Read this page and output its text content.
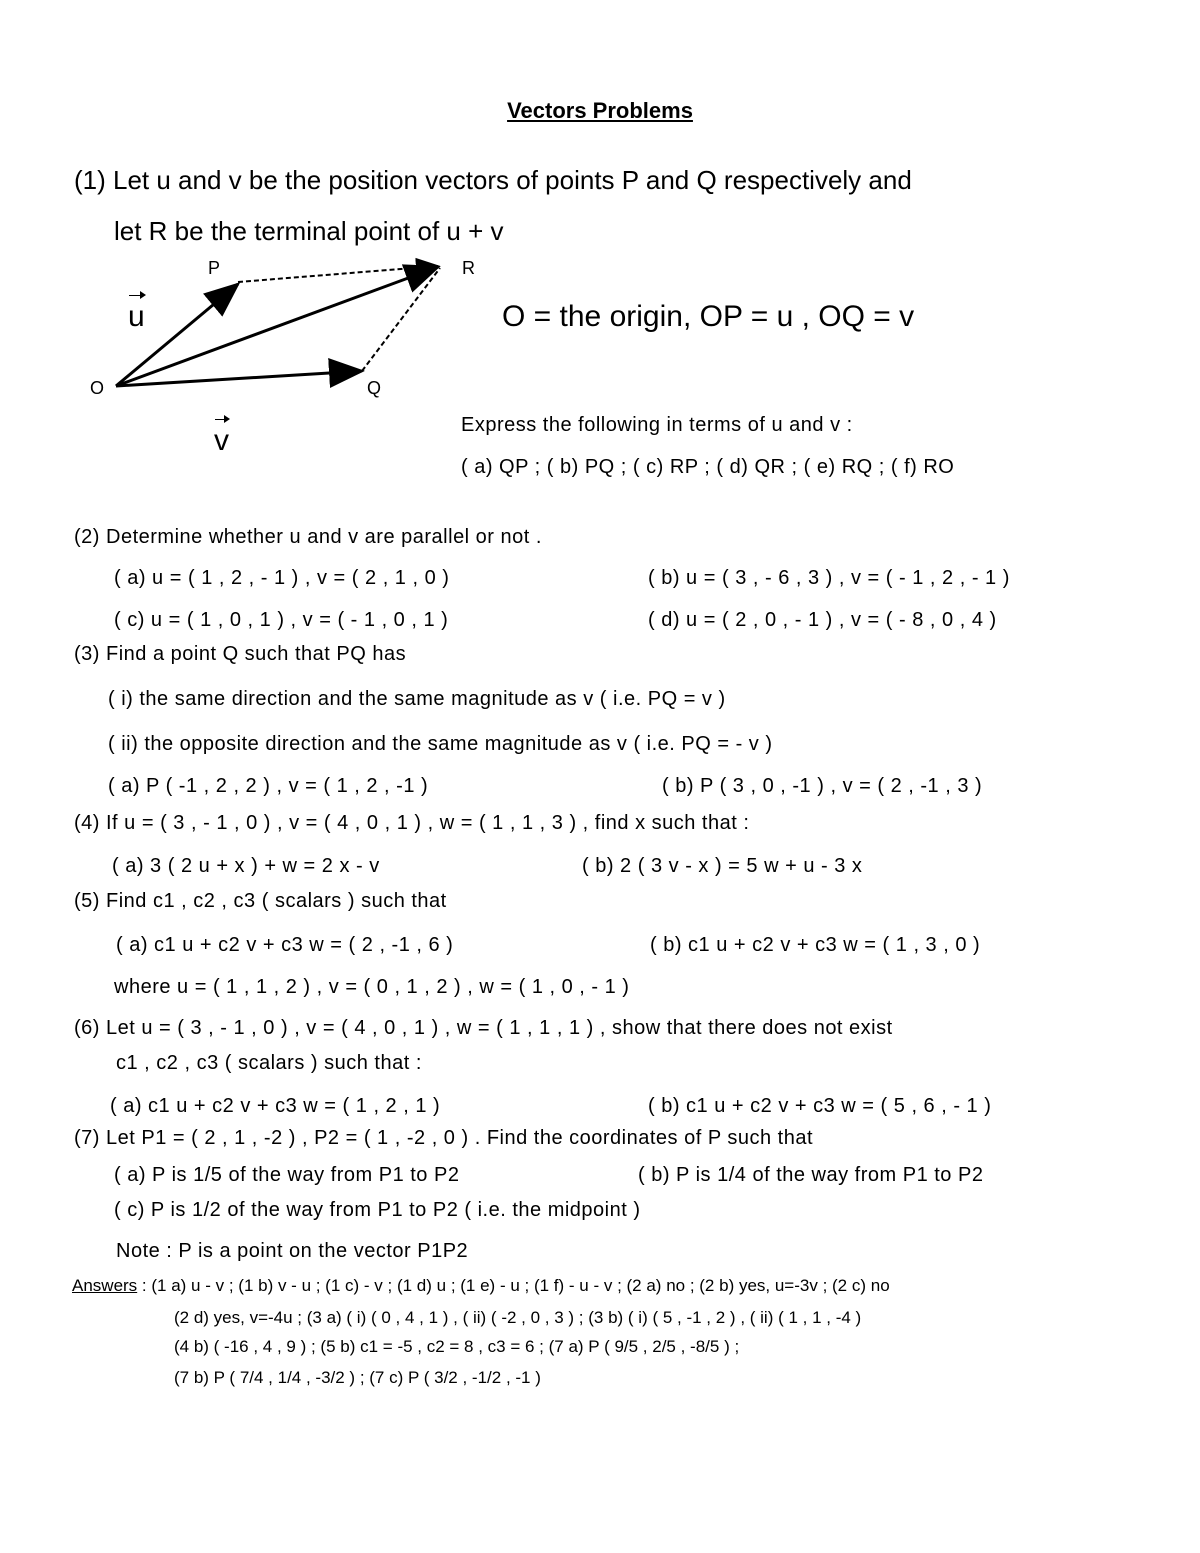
Vectors Problems
(1) Let u and v be the position vectors of points P and Q respectively and
let R be the terminal point of u + v
P	R
O	Q
u
v
O = the origin, OP = u , OQ = v
Express the following in terms of u and v :
( a) QP ; ( b) PQ ; ( c) RP ; ( d) QR ; ( e) RQ ; ( f) RO
(2) Determine whether u and v are parallel or not .
( a) u = ( 1 , 2 , - 1 ) , v = ( 2 , 1 , 0 )	( b) u = ( 3 , - 6 , 3 ) , v = ( - 1 , 2 , - 1 )
( c) u = ( 1 , 0 , 1 ) , v = ( - 1 , 0 , 1 )	( d) u = ( 2 , 0 , - 1 ) , v = ( - 8 , 0 , 4 )
(3) Find a point Q such that PQ has
( i) the same direction and the same magnitude as v ( i.e. PQ = v )
( ii) the opposite direction and the same magnitude as v ( i.e. PQ = - v )
( a) P ( -1 , 2 , 2 ) , v = ( 1 , 2 , -1 )	( b) P ( 3 , 0 , -1 ) , v = ( 2 , -1 , 3 )
(4) If u = ( 3 , - 1 , 0 ) , v = ( 4 , 0 , 1 ) , w = ( 1 , 1 , 3 ) , find x such that :
( a) 3 ( 2 u + x ) + w = 2 x - v	( b) 2 ( 3 v - x ) = 5 w + u - 3 x
(5) Find c1 , c2 , c3 ( scalars ) such that
( a) c1 u + c2 v + c3 w = ( 2 , -1 , 6 )	( b) c1 u + c2 v + c3 w = ( 1 , 3 , 0 )
where u = ( 1 , 1 , 2 ) , v = ( 0 , 1 , 2 ) , w = ( 1 , 0 , - 1 )
(6) Let u = ( 3 , - 1 , 0 ) , v = ( 4 , 0 , 1 ) , w = ( 1 , 1 , 1 ) , show that there does not exist
c1 , c2 , c3 ( scalars ) such that :
( a) c1 u + c2 v + c3 w = ( 1 , 2 , 1 )	( b) c1 u + c2 v + c3 w = ( 5 , 6 , - 1 )
(7) Let P1 = ( 2 , 1 , -2 ) , P2 = ( 1 , -2 , 0 ) . Find the coordinates of P such that
( a) P is 1/5 of the way from P1 to P2	( b) P is 1/4 of the way from P1 to P2
( c) P is 1/2 of the way from P1 to P2 ( i.e. the midpoint )
Note : P is a point on the vector P1P2
Answers : (1 a) u - v ; (1 b) v - u ; (1 c) - v ; (1 d) u ; (1 e) - u ; (1 f) - u - v ; (2 a) no ; (2 b) yes, u=-3v ; (2 c) no
(2 d) yes, v=-4u ; (3 a) ( i) ( 0 , 4 , 1 ) , ( ii) ( -2 , 0 , 3 ) ; (3 b) ( i) ( 5 , -1 , 2 ) , ( ii) ( 1 , 1 , -4 )
(4 b) ( -16 , 4 , 9 ) ; (5 b) c1 = -5 , c2 = 8 , c3 = 6 ; (7 a) P ( 9/5 , 2/5 , -8/5 ) ;
(7 b) P ( 7/4 , 1/4 , -3/2 ) ; (7 c) P ( 3/2 , -1/2 , -1 )
